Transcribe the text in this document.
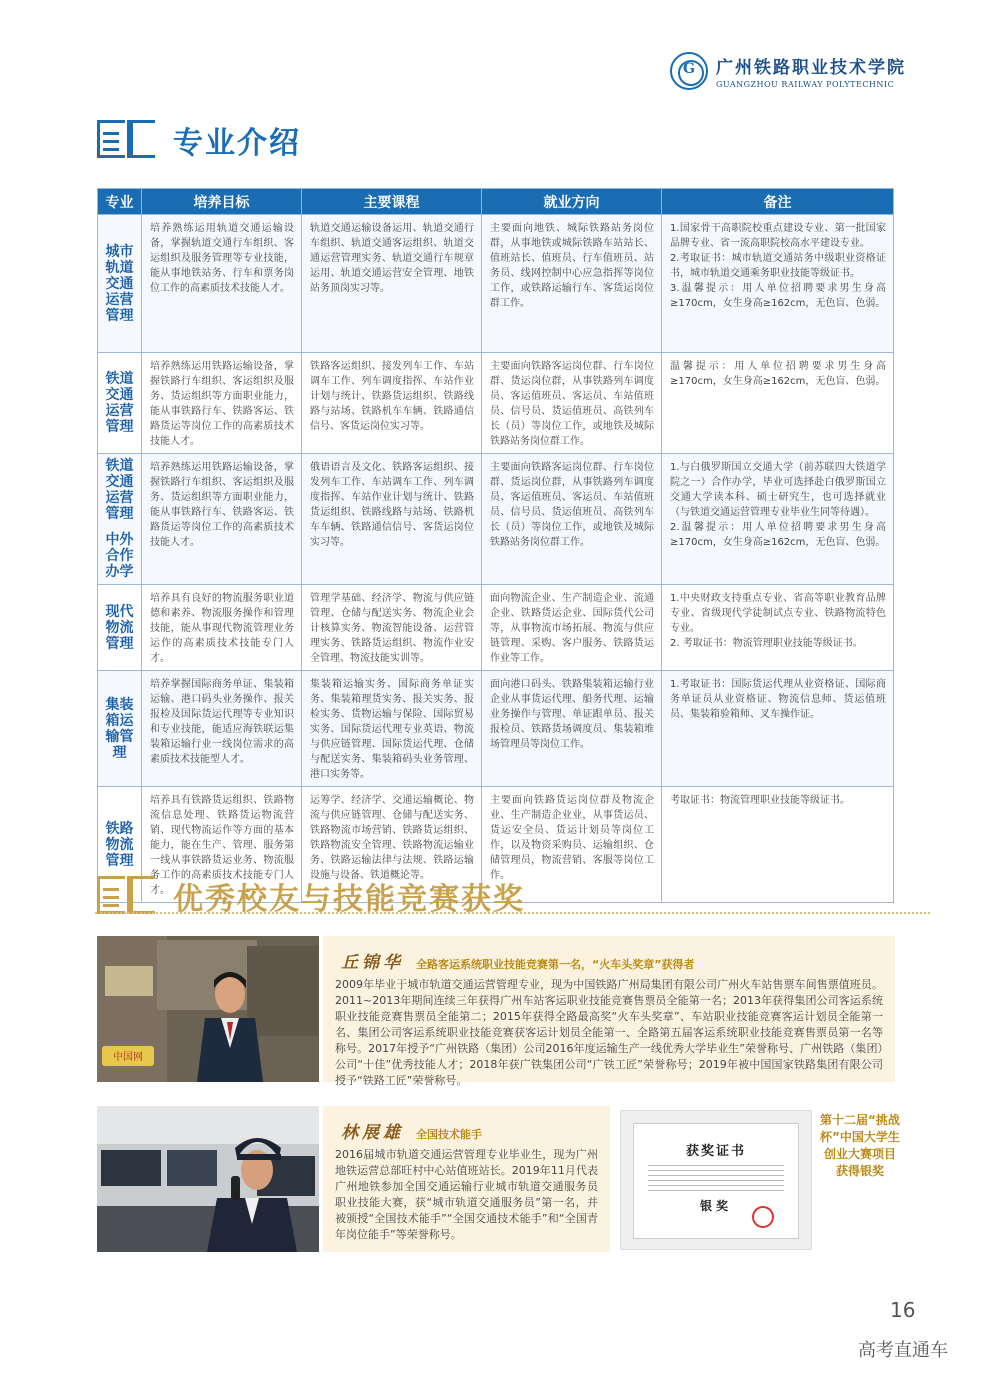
G
广州铁路职业技术学院
GUANGZHOU RAILWAY POLYTECHNIC
专业介绍
专业	培养目标	主要课程	就业方向	备注
城市轨道交通运营管理	培养熟练运用轨道交通运输设备，掌握轨道交通行车组织、客运组织及服务管理等专业技能，能从事地铁站务、行车和票务岗位工作的高素质技术技能人才。	轨道交通运输设备运用、轨道交通行车组织、轨道交通客运组织、轨道交通运营管理实务、轨道交通行车规章运用、轨道交通运营安全管理、地铁站务顶岗实习等。	主要面向地铁、城际铁路站务岗位群，从事地铁或城际铁路车站站长、值班站长、值班员、行车值班员、站务员、线网控制中心应急指挥等岗位工作，或铁路运输行车、客货运岗位群工作。	1.国家骨干高职院校重点建设专业、第一批国家品牌专业、省一流高职院校高水平建设专业。
2.考取证书：城市轨道交通站务中级职业资格证书，城市轨道交通乘务职业技能等级证书。
3.温馨提示：用人单位招聘要求男生身高≥170cm，女生身高≥162cm，无色盲、色弱。
铁道交通运营管理	培养熟练运用铁路运输设备，掌握铁路行车组织、客运组织及服务、货运组织等方面职业能力，能从事铁路行车、铁路客运、铁路货运等岗位工作的高素质技术技能人才。	铁路客运组织、接发列车工作、车站调车工作、列车调度指挥、车站作业计划与统计、铁路货运组织、铁路线路与站场、铁路机车车辆、铁路通信信号、客货运岗位实习等。	主要面向铁路客运岗位群、行车岗位群、货运岗位群，从事铁路列车调度员、客运值班员、客运员、车站值班员、信号员、货运值班员、高铁列车长（员）等岗位工作，或地铁及城际铁路站务岗位群工作。	温馨提示：用人单位招聘要求男生身高≥170cm，女生身高≥162cm，无色盲、色弱。
铁道交通运营管理
中外合作办学	培养熟练运用铁路运输设备，掌握铁路行车组织、客运组织及服务、货运组织等方面职业能力，能从事铁路行车、铁路客运、铁路货运等岗位工作的高素质技术技能人才。	俄语语言及文化、铁路客运组织、接发列车工作、车站调车工作、列车调度指挥、车站作业计划与统计、铁路货运组织、铁路线路与站场、铁路机车车辆、铁路通信信号、客货运岗位实习等。	主要面向铁路客运岗位群、行车岗位群、货运岗位群，从事铁路列车调度员、客运值班员、客运员、车站值班员、信号员、货运值班员、高铁列车长（员）等岗位工作，或地铁及城际铁路站务岗位群工作。	1.与白俄罗斯国立交通大学（前苏联四大铁道学院之一）合作办学，毕业可选择赴白俄罗斯国立交通大学读本科、硕士研究生，也可选择就业（与铁道交通运营管理专业毕业生同等待遇）。
2.温馨提示：用人单位招聘要求男生身高≥170cm，女生身高≥162cm，无色盲、色弱。
现代物流管理	培养具有良好的物流服务职业道德和素养、物流服务操作和管理技能，能从事现代物流管理业务运作的高素质技术技能专门人才。	管理学基础、经济学、物流与供应链管理、仓储与配送实务、物流企业会计核算实务、物流智能设备、运营管理实务、铁路货运组织、物流作业安全管理、物流技能实训等。	面向物流企业、生产制造企业、流通企业、铁路货运企业、国际货代公司等，从事物流市场拓展、物流与供应链管理、采购、客户服务、铁路货运作业等工作。	1.中央财政支持重点专业、省高等职业教育品牌专业、省级现代学徒制试点专业、铁路物流特色专业。
2. 考取证书：物流管理职业技能等级证书。
集装箱运输管理	培养掌握国际商务单证、集装箱运输、港口码头业务操作、报关报检及国际货运代理等专业知识和专业技能，能适应海铁联运集装箱运输行业一线岗位需求的高素质技术技能型人才。	集装箱运输实务、国际商务单证实务、集装箱理货实务、报关实务、报检实务、货物运输与保险、国际贸易实务、国际货运代理专业英语、物流与供应链管理、国际货运代理、仓储与配送实务、集装箱码头业务管理、港口实务等。	面向港口码头、铁路集装箱运输行业企业从事货运代理、船务代理、运输业务操作与管理、单证跟单员、报关报检员、铁路货场调度员、集装箱堆场管理员等岗位工作。	1.考取证书：国际货运代理从业资格证、国际商务单证员从业资格证、物流信息师、货运值班员、集装箱验箱师、叉车操作证。
铁路物流管理	培养具有铁路货运组织、铁路物流信息处理、铁路货运物流营销、现代物流运作等方面的基本能力，能在生产、管理、服务第一线从事铁路货运业务、物流服务工作的高素质技术技能专门人才。	运筹学、经济学、交通运输概论、物流与供应链管理、仓储与配送实务、铁路物流市场营销、铁路货运组织、铁路物流安全管理、铁路物流运输业务、铁路运输法律与法规、铁路运输设施与设备、铁道概论等。	主要面向铁路货运岗位群及物流企业、生产制造企业业，从事货运员、货运安全员、货运计划员等岗位工作，以及物资采购员、运输组织、仓储管理员，物流营销、客服等岗位工作。	考取证书：物流管理职业技能等级证书。
优秀校友与技能竞赛获奖
中国网
丘锦华 全路客运系统职业技能竞赛第一名，“火车头奖章”获得者
2009年毕业于城市轨道交通运营管理专业，现为中国铁路广州局集团有限公司广州火车站售票车间售票值班员。2011~2013年期间连续三年获得广州车站客运职业技能竞赛售票员全能第一名；2013年获得集团公司客运系统职业技能竞赛售票员全能第二；2015年获得全路最高奖“火车头奖章”、车站职业技能竞赛客运计划员全能第一名、集团公司客运系统职业技能竞赛获客运计划员全能第一、全路第五届客运系统职业技能竞赛售票员第一名等称号。2017年授予“广州铁路（集团）公司2016年度运输生产一线优秀大学毕业生”荣誉称号、广州铁路（集团）公司“十佳”优秀技能人才；2018年获广铁集团公司“广铁工匠”荣誉称号；2019年被中国国家铁路集团有限公司授予“铁路工匠”荣誉称号。
林展雄 全国技术能手
2016届城市轨道交通运营管理专业毕业生，现为广州地铁运营总部旺村中心站值班站长。2019年11月代表广州地铁参加全国交通运输行业城市轨道交通服务员职业技能大赛，获“城市轨道交通服务员”第一名，并被颁授“全国技术能手”“全国交通技术能手”和“全国青年岗位能手”等荣誉称号。
获奖证书
银奖
第十二届“挑战杯”中国大学生创业大赛项目获得银奖
16
高考直通车
